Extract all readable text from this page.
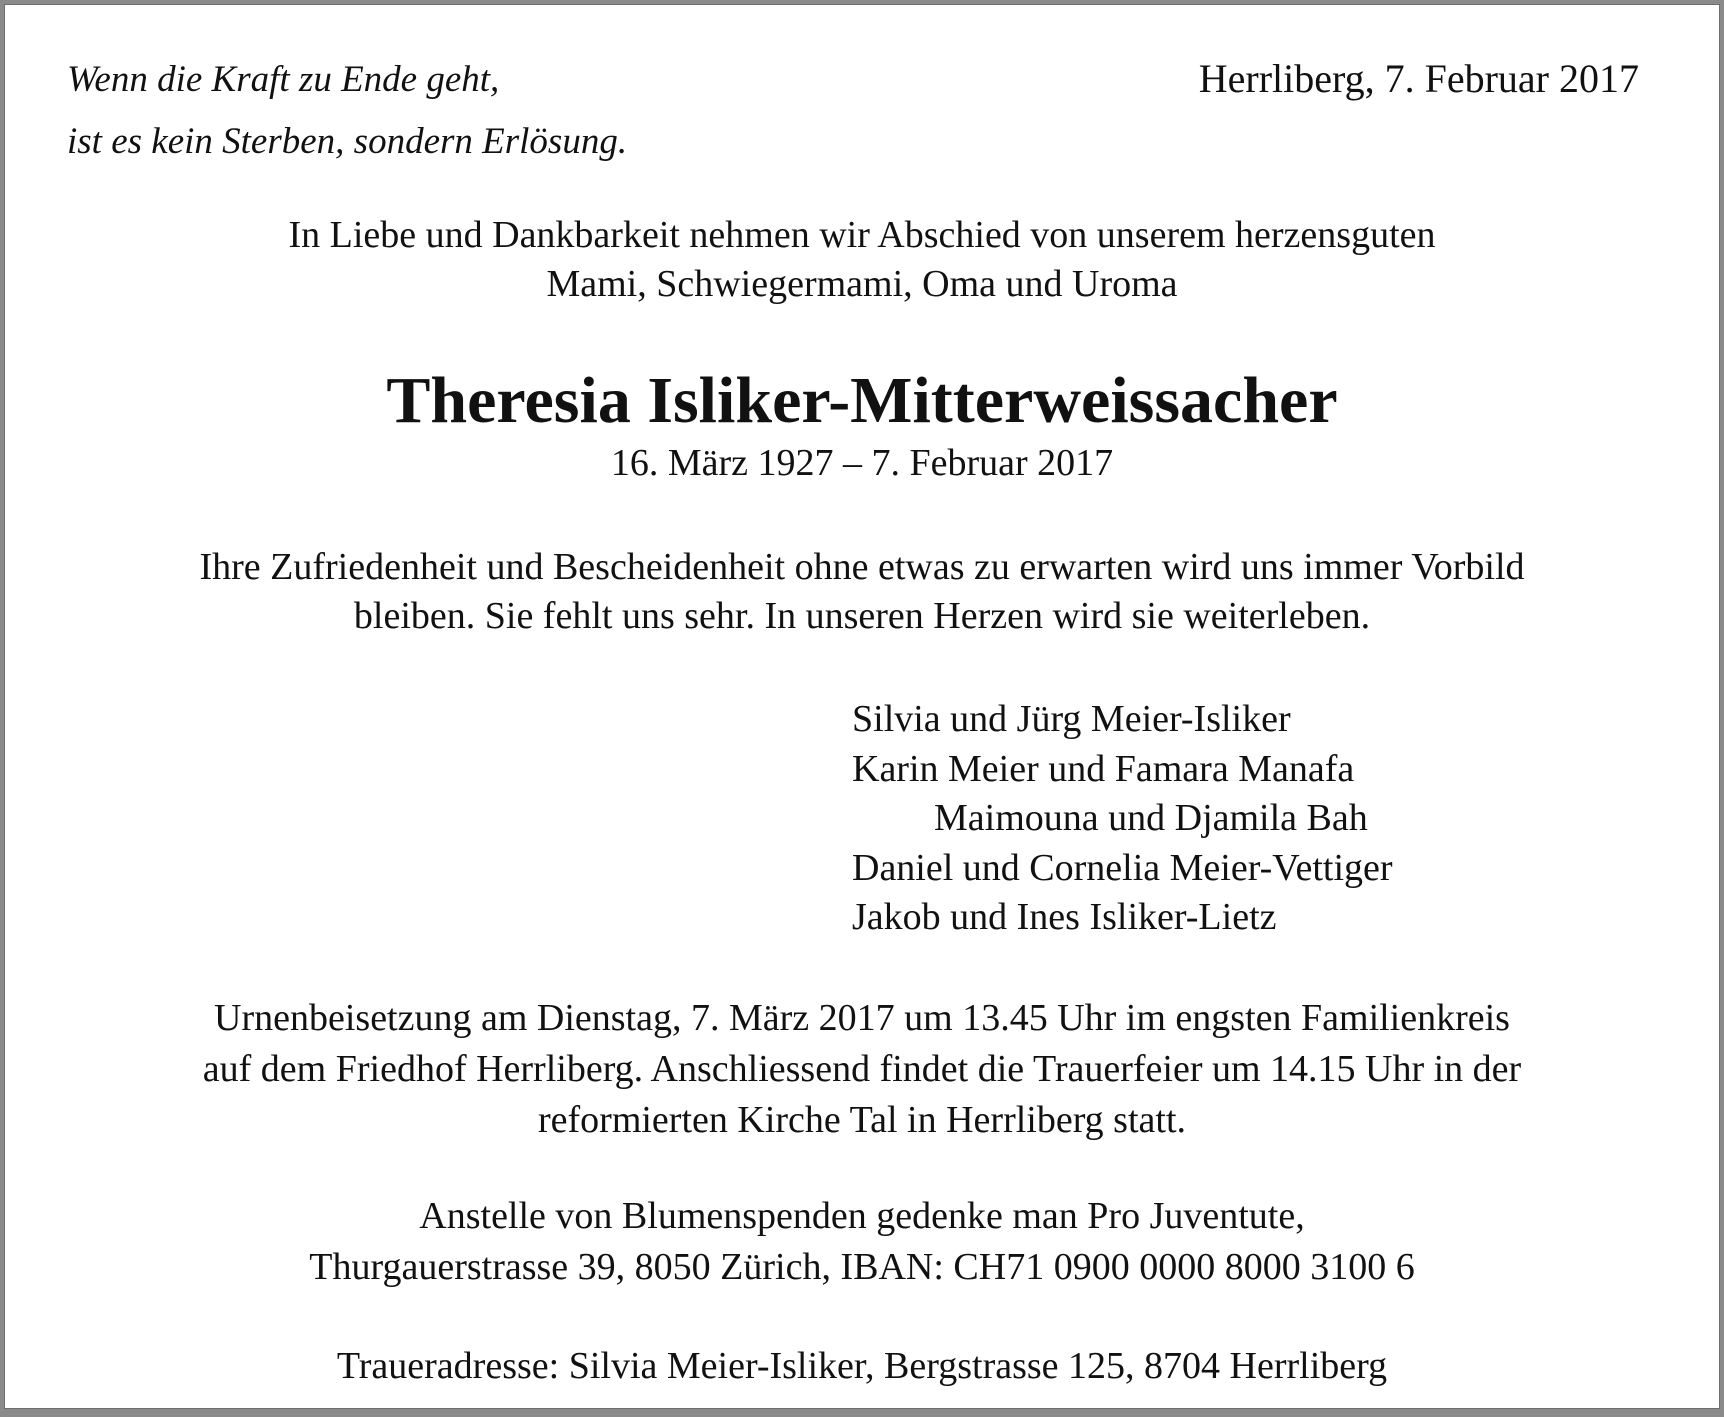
Wenn die Kraft zu Ende geht,
ist es kein Sterben, sondern Erlösung.
Herrliberg, 7. Februar 2017
In Liebe und Dankbarkeit nehmen wir Abschied von unserem herzensguten
Mami, Schwiegermami, Oma und Uroma
Theresia Isliker-Mitterweissacher
16. März 1927 – 7. Februar 2017
Ihre Zufriedenheit und Bescheidenheit ohne etwas zu erwarten wird uns immer Vorbild
bleiben. Sie fehlt uns sehr. In unseren Herzen wird sie weiterleben.
Silvia und Jürg Meier-Isliker
Karin Meier und Famara Manafa
Maimouna und Djamila Bah
Daniel und Cornelia Meier-Vettiger
Jakob und Ines Isliker-Lietz
Urnenbeisetzung am Dienstag, 7. März 2017 um 13.45 Uhr im engsten Familienkreis
auf dem Friedhof Herrliberg. Anschliessend findet die Trauerfeier um 14.15 Uhr in der
reformierten Kirche Tal in Herrliberg statt.
Anstelle von Blumenspenden gedenke man Pro Juventute,
Thurgauerstrasse 39, 8050 Zürich, IBAN: CH71 0900 0000 8000 3100 6
Traueradresse: Silvia Meier-Isliker, Bergstrasse 125, 8704 Herrliberg
